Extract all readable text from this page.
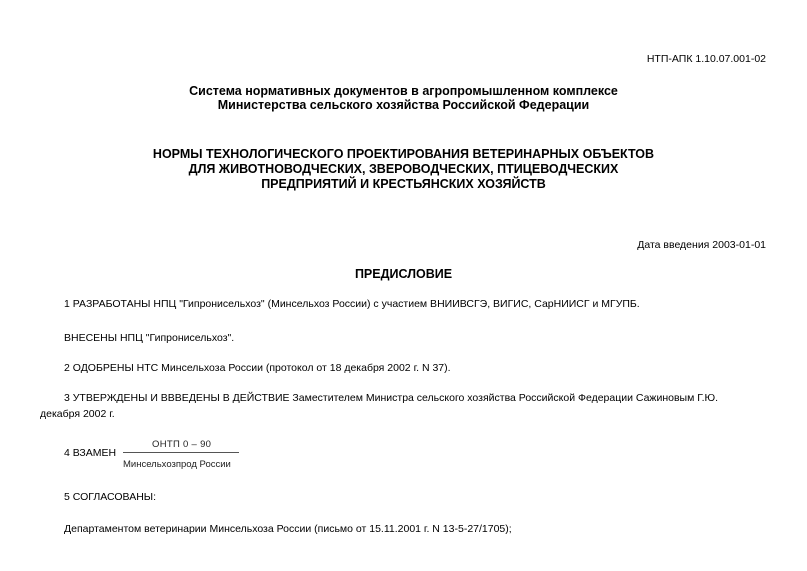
НТП-АПК 1.10.07.001-02
Система нормативных документов в агропромышленном комплексе
Министерства сельского хозяйства Российской Федерации
НОРМЫ ТЕХНОЛОГИЧЕСКОГО ПРОЕКТИРОВАНИЯ ВЕТЕРИНАРНЫХ ОБЪЕКТОВ
ДЛЯ ЖИВОТНОВОДЧЕСКИХ, ЗВЕРОВОДЧЕСКИХ, ПТИЦЕВОДЧЕСКИХ
ПРЕДПРИЯТИЙ И КРЕСТЬЯНСКИХ ХОЗЯЙСТВ
Дата введения 2003-01-01
ПРЕДИСЛОВИЕ
1 РАЗРАБОТАНЫ НПЦ "Гипронисельхоз" (Минсельхоз России) с участием ВНИИВСГЭ, ВИГИС, СарНИИСГ и МГУПБ.
ВНЕСЕНЫ НПЦ "Гипронисельхоз".
2 ОДОБРЕНЫ НТС Минсельхоза России (протокол от 18 декабря 2002 г. N 37).
3 УТВЕРЖДЕНЫ И ВВВЕДЕНЫ В ДЕЙСТВИЕ Заместителем Министра сельского хозяйства Российской Федерации Сажиновым Г.Ю.
декабря 2002 г.
4 ВЗАМЕН
ОНТП 0 – 90
Минсельхозпрод России
5 СОГЛАСОВАНЫ:
Департаментом ветеринарии Минсельхоза России (письмо от 15.11.2001 г. N 13-5-27/1705);
